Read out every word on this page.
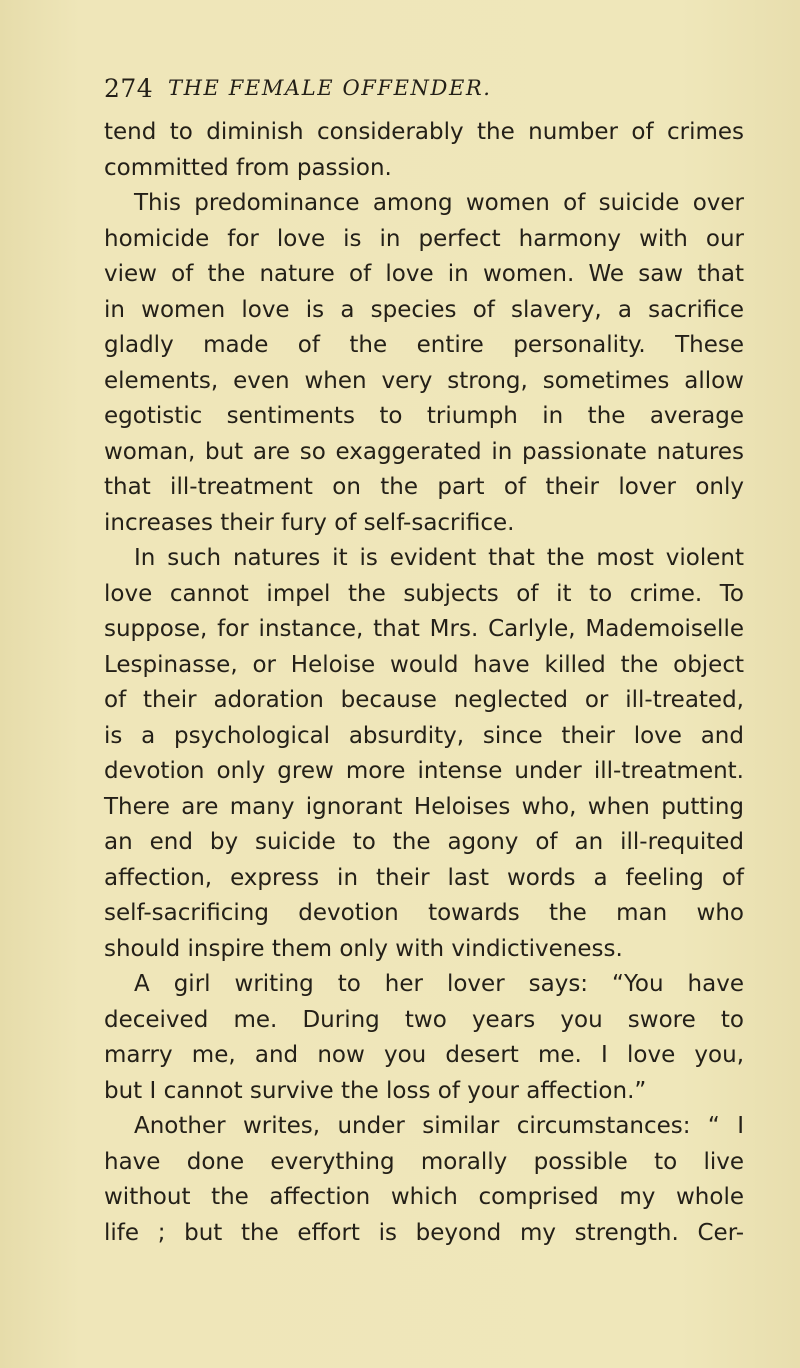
274 THE FEMALE OFFENDER.
tend to diminish considerably the number of crimes
committed from passion.
This predominance among women of suicide over
homicide for love is in perfect harmony with our
view of the nature of love in women. We saw that
in women love is a species of slavery, a sacrifice
gladly made of the entire personality. These
elements, even when very strong, sometimes allow
egotistic sentiments to triumph in the average
woman, but are so exaggerated in passionate natures
that ill-treatment on the part of their lover only
increases their fury of self-sacrifice.
In such natures it is evident that the most violent
love cannot impel the subjects of it to crime. To
suppose, for instance, that Mrs. Carlyle, Mademoiselle
Lespinasse, or Heloise would have killed the object
of their adoration because neglected or ill-treated,
is a psychological absurdity, since their love and
devotion only grew more intense under ill-treatment.
There are many ignorant Heloises who, when putting
an end by suicide to the agony of an ill-requited
affection, express in their last words a feeling of
self-sacrificing devotion towards the man who
should inspire them only with vindictiveness.
A girl writing to her lover says: “You have
deceived me. During two years you swore to
marry me, and now you desert me. I love you,
but I cannot survive the loss of your affection.”
Another writes, under similar circumstances: “ I
have done everything morally possible to live
without the affection which comprised my whole
life ; but the effort is beyond my strength. Cer-
